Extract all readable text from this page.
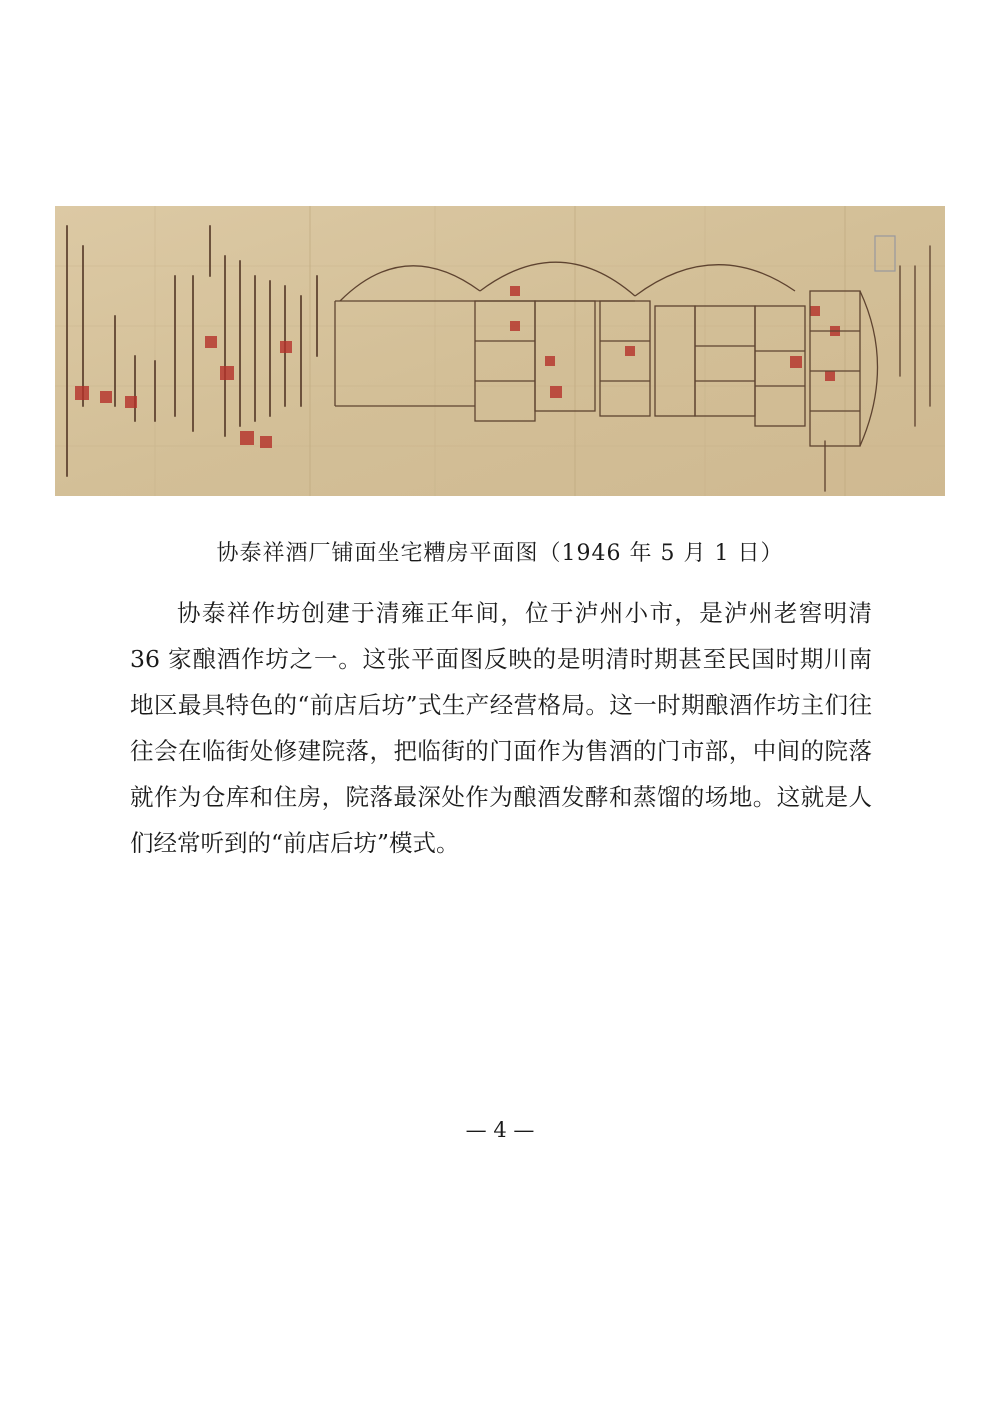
协泰祥酒厂铺面坐宅糟房平面图（1946 年 5 月 1 日）

协泰祥作坊创建于清雍正年间，位于泸州小市，是泸州老窖明清 36 家酿酒作坊之一。这张平面图反映的是明清时期甚至民国时期川南地区最具特色的“前店后坊”式生产经营格局。这一时期酿酒作坊主们往往会在临街处修建院落，把临街的门面作为售酒的门市部，中间的院落就作为仓库和住房，院落最深处作为酿酒发酵和蒸馏的场地。这就是人们经常听到的“前店后坊”模式。

— 4 —
